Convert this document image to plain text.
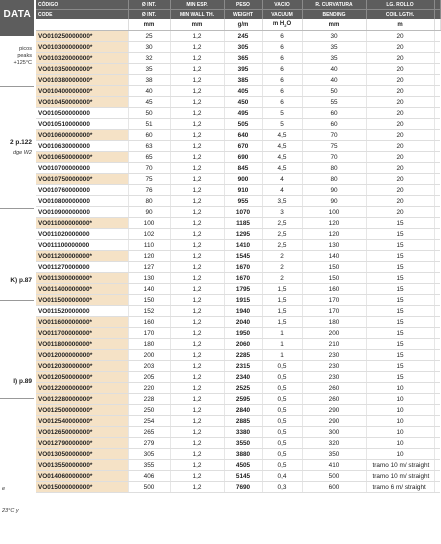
DATA
picos
peaks
+125°C
2 p.122
dge W2
K) p.87
I) p.89
e
23°C y
CÓDIGO	Ø INT.	MIN ESP.	PESO	VACIO	R. CURVATURA	LG. ROLLO	
CODE	Ø INT.	MIN WALL TH.	WEIGHT	VACUUM	BENDING	COIL LGTH.	
	mm	mm	g/m	m $H_2O$	mm	m	
VO010250000000*	25	1,2	245	6	30	20	
VO010300000000*	30	1,2	305	6	35	20	
VO010320000000*	32	1,2	365	6	35	20	
VO010350000000*	35	1,2	395	6	40	20	
VO010380000000*	38	1,2	385	6	40	20	
VO010400000000*	40	1,2	405	6	50	20	
VO010450000000*	45	1,2	450	6	55	20	
VO010500000000	50	1,2	495	5	60	20	
VO010510000000	51	1,2	505	5	60	20	
VO010600000000*	60	1,2	640	4,5	70	20	
VO010630000000	63	1,2	670	4,5	75	20	
VO010650000000*	65	1,2	690	4,5	70	20	
VO010700000000	70	1,2	845	4,5	80	20	
VO010750000000*	75	1,2	900	4	80	20	
VO010760000000	76	1,2	910	4	90	20	
VO010800000000	80	1,2	955	3,5	90	20	
VO010900000000	90	1,2	1070	3	100	20	
VO011000000000*	100	1,2	1185	2,5	120	15	
VO011020000000	102	1,2	1295	2,5	120	15	
VO011100000000	110	1,2	1410	2,5	130	15	
VO011200000000*	120	1,2	1545	2	140	15	
VO011270000000	127	1,2	1670	2	150	15	
VO011300000000*	130	1,2	1670	2	150	15	
VO011400000000*	140	1,2	1795	1,5	160	15	
VO011500000000*	150	1,2	1915	1,5	170	15	
VO011520000000	152	1,2	1940	1,5	170	15	
VO011600000000*	160	1,2	2040	1,5	180	15	
VO011700000000*	170	1,2	1950	1	200	15	
VO011800000000*	180	1,2	2060	1	210	15	
VO012000000000*	200	1,2	2285	1	230	15	
VO012030000000*	203	1,2	2315	0,5	230	15	
VO012050000000*	205	1,2	2340	0,5	230	15	
VO012200000000*	220	1,2	2525	0,5	260	10	
VO012280000000*	228	1,2	2595	0,5	260	10	
VO012500000000*	250	1,2	2840	0,5	290	10	
VO012540000000*	254	1,2	2885	0,5	290	10	
VO012650000000*	265	1,2	3380	0,5	300	10	
VO012790000000*	279	1,2	3550	0,5	320	10	
VO013050000000*	305	1,2	3880	0,5	350	10	
VO013550000000*	355	1,2	4505	0,5	410	tramo 10 m/ straight	
VO014060000000*	406	1,2	5145	0,4	500	tramo 10 m/ straight	
VO015000000000*	500	1,2	7690	0,3	600	tramo 6 m/ straight	
